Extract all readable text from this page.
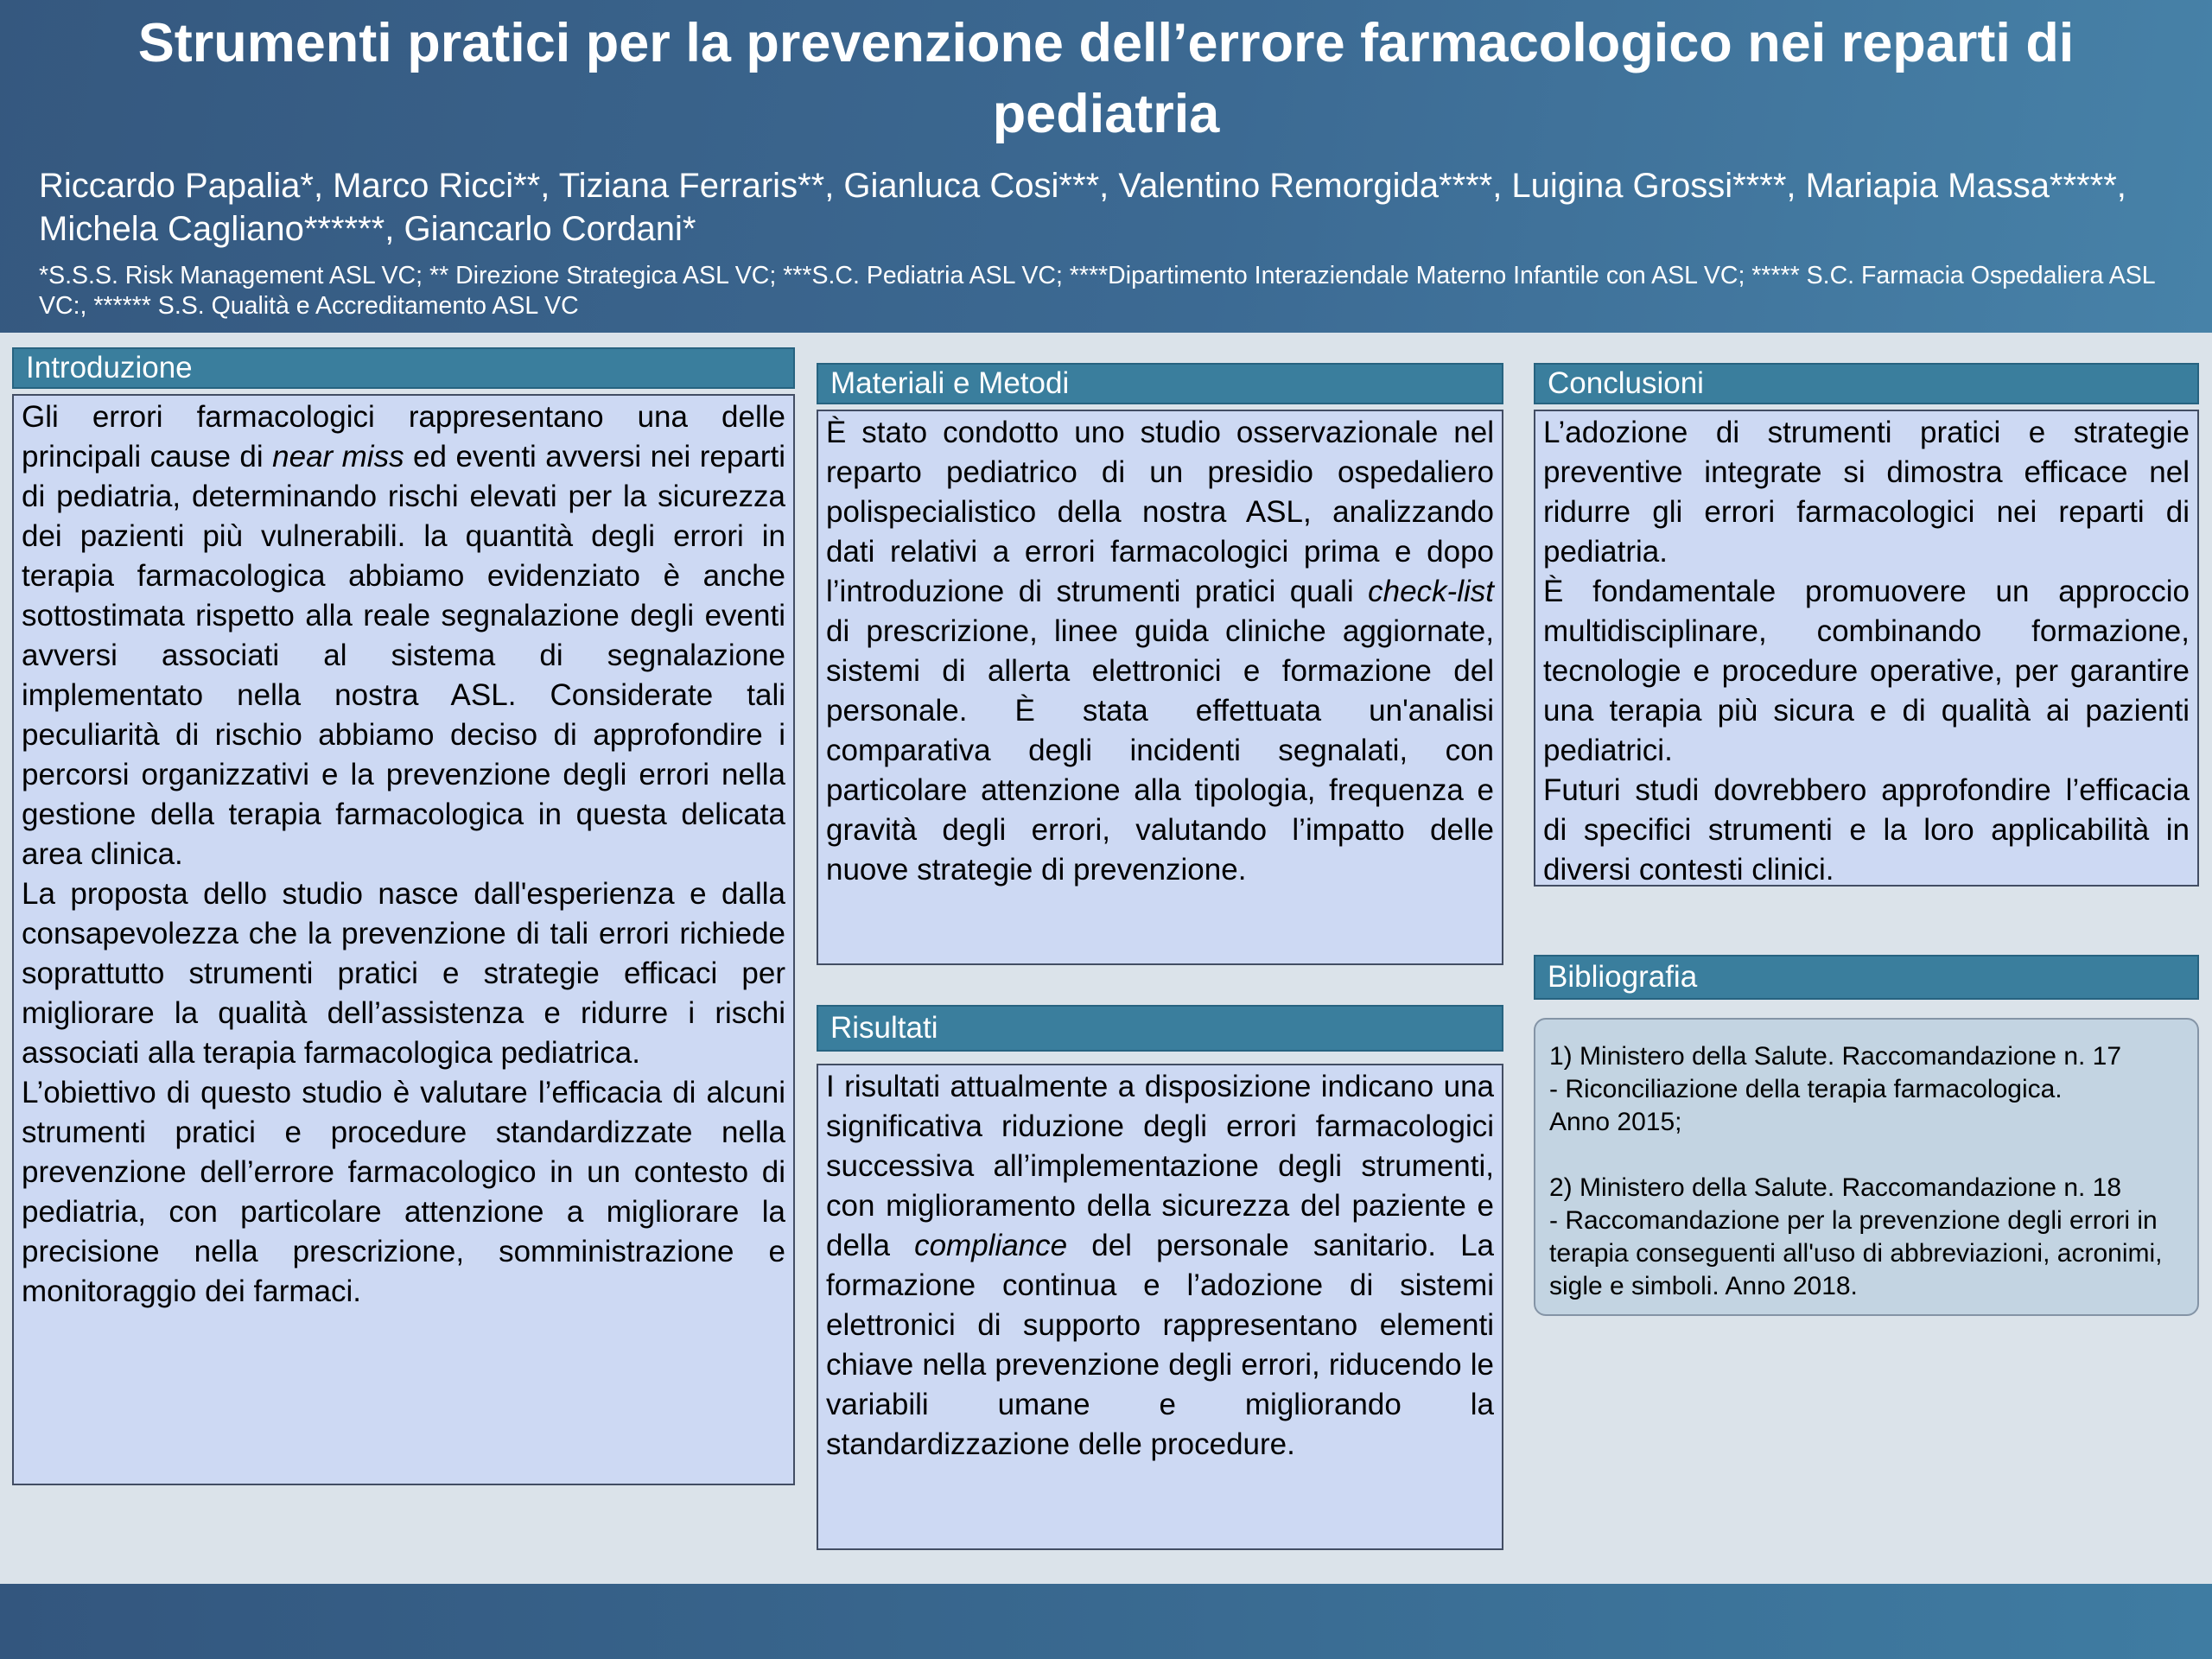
Strumenti pratici per la prevenzione dell’errore farmacologico nei reparti di pediatria
Riccardo Papalia*, Marco Ricci**, Tiziana Ferraris**, Gianluca Cosi***, Valentino Remorgida****, Luigina Grossi****, Mariapia Massa*****, Michela Cagliano******, Giancarlo Cordani*
*S.S.S. Risk Management ASL VC; ** Direzione Strategica ASL VC; ***S.C. Pediatria ASL VC; ****Dipartimento Interaziendale Materno Infantile con ASL VC; ***** S.C. Farmacia Ospedaliera ASL VC:, ****** S.S. Qualità e Accreditamento ASL VC
Introduzione

Gli errori farmacologici rappresentano una delle principali cause di near miss ed eventi avversi nei reparti di pediatria, determinando rischi elevati per la sicurezza dei pazienti più vulnerabili. la quantità degli errori in terapia farmacologica abbiamo evidenziato è anche sottostimata rispetto alla reale segnalazione degli eventi avversi associati al sistema di segnalazione implementato nella nostra ASL. Considerate tali peculiarità di rischio abbiamo deciso di approfondire i percorsi organizzativi e la prevenzione degli errori nella gestione della terapia farmacologica in questa delicata area clinica.

La proposta dello studio nasce dall'esperienza e dalla consapevolezza che la prevenzione di tali errori richiede soprattutto strumenti pratici e strategie efficaci per migliorare la qualità dell’assistenza e ridurre i rischi associati alla terapia farmacologica pediatrica.

L’obiettivo di questo studio è valutare l’efficacia di alcuni strumenti pratici e procedure standardizzate nella prevenzione dell’errore farmacologico in un contesto di pediatria, con particolare attenzione a migliorare la precisione nella prescrizione, somministrazione e monitoraggio dei farmaci.

Materiali e Metodi

È stato condotto uno studio osservazionale nel reparto pediatrico di un presidio ospedaliero polispecialistico della nostra ASL, analizzando dati relativi a errori farmacologici prima e dopo l’introduzione di strumenti pratici quali check-list di prescrizione, linee guida cliniche aggiornate, sistemi di allerta elettronici e formazione del personale. È stata effettuata un'analisi comparativa degli incidenti segnalati, con particolare attenzione alla tipologia, frequenza e gravità degli errori, valutando l’impatto delle nuove strategie di prevenzione.

Risultati

I risultati attualmente a disposizione indicano una significativa riduzione degli errori farmacologici successiva all’implementazione degli strumenti, con miglioramento della sicurezza del paziente e della compliance del personale sanitario. La formazione continua e l’adozione di sistemi elettronici di supporto rappresentano elementi chiave nella prevenzione degli errori, riducendo le variabili umane e migliorando la standardizzazione delle procedure.

Conclusioni

L’adozione di strumenti pratici e strategie preventive integrate si dimostra efficace nel ridurre gli errori farmacologici nei reparti di pediatria.

È fondamentale promuovere un approccio multidisciplinare, combinando formazione, tecnologie e procedure operative, per garantire una terapia più sicura e di qualità ai pazienti pediatrici.

Futuri studi dovrebbero approfondire l’efficacia di specifici strumenti e la loro applicabilità in diversi contesti clinici.

Bibliografia

1) Ministero della Salute. Raccomandazione n. 17
- Riconciliazione della terapia farmacologica.
Anno 2015;

2) Ministero della Salute. Raccomandazione n. 18
- Raccomandazione per la prevenzione degli errori in terapia conseguenti all'uso di abbreviazioni, acronimi, sigle e simboli. Anno 2018.
